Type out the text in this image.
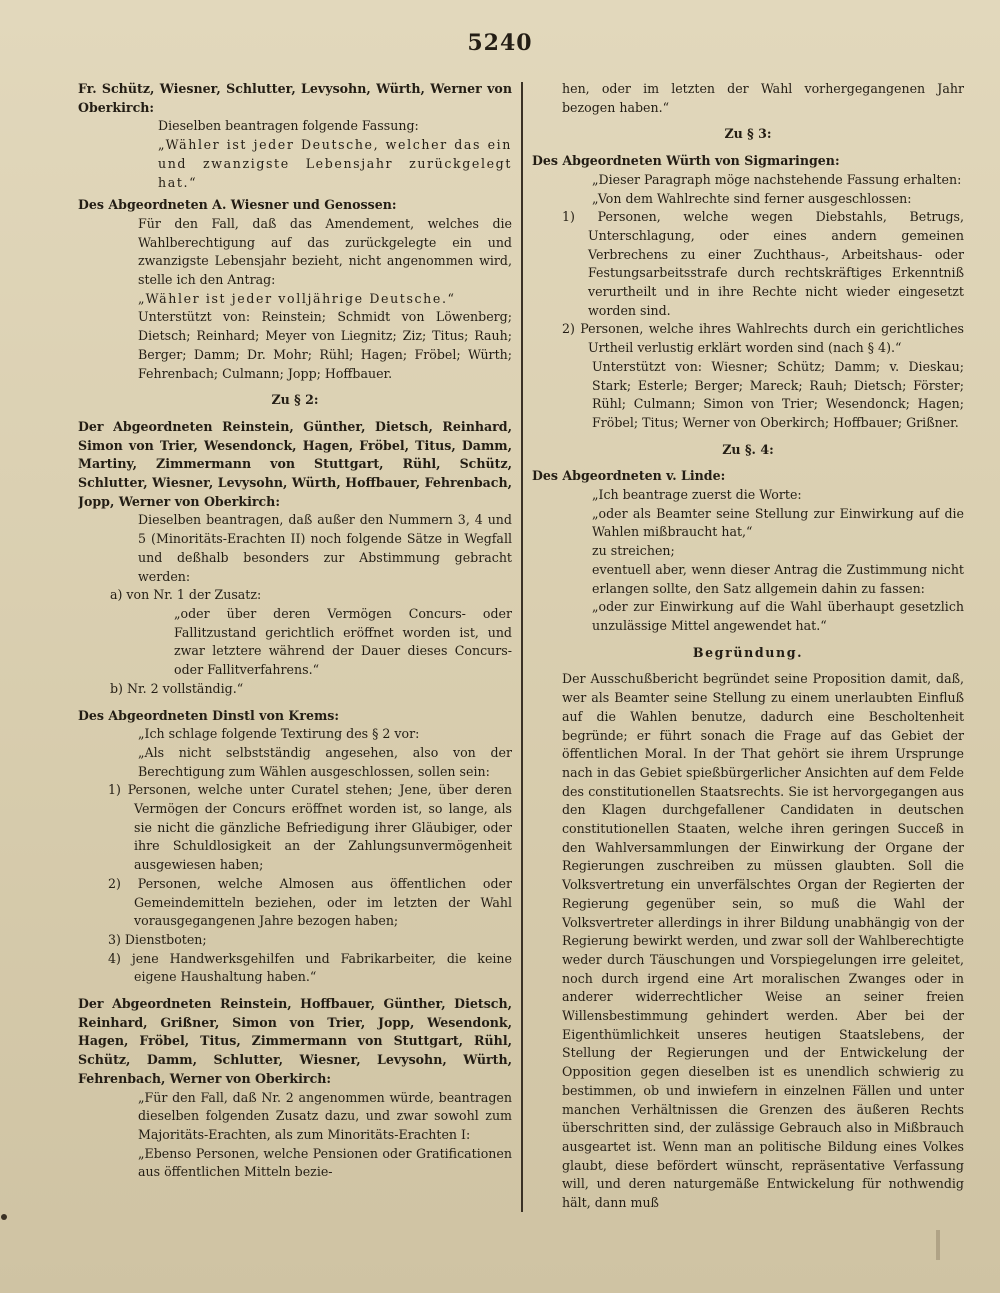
5240

Fr. Schütz, Wiesner, Schlutter, Levysohn, Würth, Werner von Oberkirch:

Dieselben beantragen folgende Fassung:

„Wähler ist jeder Deutsche, welcher das ein und zwanzigste Lebensjahr zurückgelegt hat.“

Des Abgeordneten A. Wiesner und Genossen:

Für den Fall, daß das Amendement, welches die Wahlberechtigung auf das zurückgelegte ein und zwanzigste Lebensjahr bezieht, nicht angenommen wird, stelle ich den Antrag:

„Wähler ist jeder volljährige Deutsche.“

Unterstützt von: Reinstein; Schmidt von Löwenberg; Dietsch; Reinhard; Meyer von Liegnitz; Ziz; Titus; Rauh; Berger; Damm; Dr. Mohr; Rühl; Hagen; Fröbel; Würth; Fehrenbach; Culmann; Jopp; Hoffbauer.

Zu § 2:

Der Abgeordneten Reinstein, Günther, Dietsch, Reinhard, Simon von Trier, Wesendonck, Hagen, Fröbel, Titus, Damm, Martiny, Zimmermann von Stuttgart, Rühl, Schütz, Schlutter, Wiesner, Levysohn, Würth, Hoffbauer, Fehrenbach, Jopp, Werner von Oberkirch:

Dieselben beantragen, daß außer den Nummern 3, 4 und 5 (Minoritäts-Erachten II) noch folgende Sätze in Wegfall und deßhalb besonders zur Abstimmung gebracht werden:

a) von Nr. 1 der Zusatz:

„oder über deren Vermögen Concurs- oder Fallitzustand gerichtlich eröffnet worden ist, und zwar letztere während der Dauer dieses Concurs- oder Fallitverfahrens.“

b) Nr. 2 vollständig.“

Des Abgeordneten Dinstl von Krems:

„Ich schlage folgende Textirung des § 2 vor:

„Als nicht selbstständig angesehen, also von der Berechtigung zum Wählen ausgeschlossen, sollen sein:

1) Personen, welche unter Curatel stehen; Jene, über deren Vermögen der Concurs eröffnet worden ist, so lange, als sie nicht die gänzliche Befriedigung ihrer Gläubiger, oder ihre Schuldlosigkeit an der Zahlungsunvermögenheit ausgewiesen haben;

2) Personen, welche Almosen aus öffentlichen oder Gemeindemitteln beziehen, oder im letzten der Wahl vorausgegangenen Jahre bezogen haben;

3) Dienstboten;

4) jene Handwerksgehilfen und Fabrikarbeiter, die keine eigene Haushaltung haben.“

Der Abgeordneten Reinstein, Hoffbauer, Günther, Dietsch, Reinhard, Grißner, Simon von Trier, Jopp, Wesendonk, Hagen, Fröbel, Titus, Zimmermann von Stuttgart, Rühl, Schütz, Damm, Schlutter, Wiesner, Levysohn, Würth, Fehrenbach, Werner von Oberkirch:

„Für den Fall, daß Nr. 2 angenommen würde, beantragen dieselben folgenden Zusatz dazu, und zwar sowohl zum Majoritäts-Erachten, als zum Minoritäts-Erachten I:

„Ebenso Personen, welche Pensionen oder Gratificationen aus öffentlichen Mitteln bezie-

hen, oder im letzten der Wahl vorhergegangenen Jahr bezogen haben.“

Zu § 3:

Des Abgeordneten Würth von Sigmaringen:

„Dieser Paragraph möge nachstehende Fassung erhalten:

„Von dem Wahlrechte sind ferner ausgeschlossen:

1) Personen, welche wegen Diebstahls, Betrugs, Unterschlagung, oder eines andern gemeinen Verbrechens zu einer Zuchthaus-, Arbeitshaus- oder Festungsarbeitsstrafe durch rechtskräftiges Erkenntniß verurtheilt und in ihre Rechte nicht wieder eingesetzt worden sind.

2) Personen, welche ihres Wahlrechts durch ein gerichtliches Urtheil verlustig erklärt worden sind (nach § 4).“

Unterstützt von: Wiesner; Schütz; Damm; v. Dieskau; Stark; Esterle; Berger; Mareck; Rauh; Dietsch; Förster; Rühl; Culmann; Simon von Trier; Wesendonck; Hagen; Fröbel; Titus; Werner von Oberkirch; Hoffbauer; Grißner.

Zu §. 4:

Des Abgeordneten v. Linde:

„Ich beantrage zuerst die Worte:

„oder als Beamter seine Stellung zur Einwirkung auf die Wahlen mißbraucht hat,“

zu streichen;

eventuell aber, wenn dieser Antrag die Zustimmung nicht erlangen sollte, den Satz allgemein dahin zu fassen:

„oder zur Einwirkung auf die Wahl überhaupt gesetzlich unzulässige Mittel angewendet hat.“

Begründung.

Der Ausschußbericht begründet seine Proposition damit, daß, wer als Beamter seine Stellung zu einem unerlaubten Einfluß auf die Wahlen benutze, dadurch eine Bescholtenheit begründe; er führt sonach die Frage auf das Gebiet der öffentlichen Moral. In der That gehört sie ihrem Ursprunge nach in das Gebiet spießbürgerlicher Ansichten auf dem Felde des constitutionellen Staatsrechts. Sie ist hervorgegangen aus den Klagen durchgefallener Candidaten in deutschen constitutionellen Staaten, welche ihren geringen Succeß in den Wahlversammlungen der Einwirkung der Organe der Regierungen zuschreiben zu müssen glaubten. Soll die Volksvertretung ein unverfälschtes Organ der Regierten der Regierung gegenüber sein, so muß die Wahl der Volksvertreter allerdings in ihrer Bildung unabhängig von der Regierung bewirkt werden, und zwar soll der Wahlberechtigte weder durch Täuschungen und Vorspiegelungen irre geleitet, noch durch irgend eine Art moralischen Zwanges oder in anderer widerrechtlicher Weise an seiner freien Willensbestimmung gehindert werden. Aber bei der Eigenthümlichkeit unseres heutigen Staatslebens, der Stellung der Regierungen und der Entwickelung der Opposition gegen dieselben ist es unendlich schwierig zu bestimmen, ob und inwiefern in einzelnen Fällen und unter manchen Verhältnissen die Grenzen des äußeren Rechts überschritten sind, der zulässige Gebrauch also in Mißbrauch ausgeartet ist. Wenn man an politische Bildung eines Volkes glaubt, diese befördert wünscht, repräsentative Verfassung will, und deren naturgemäße Entwickelung für nothwendig hält, dann muß
